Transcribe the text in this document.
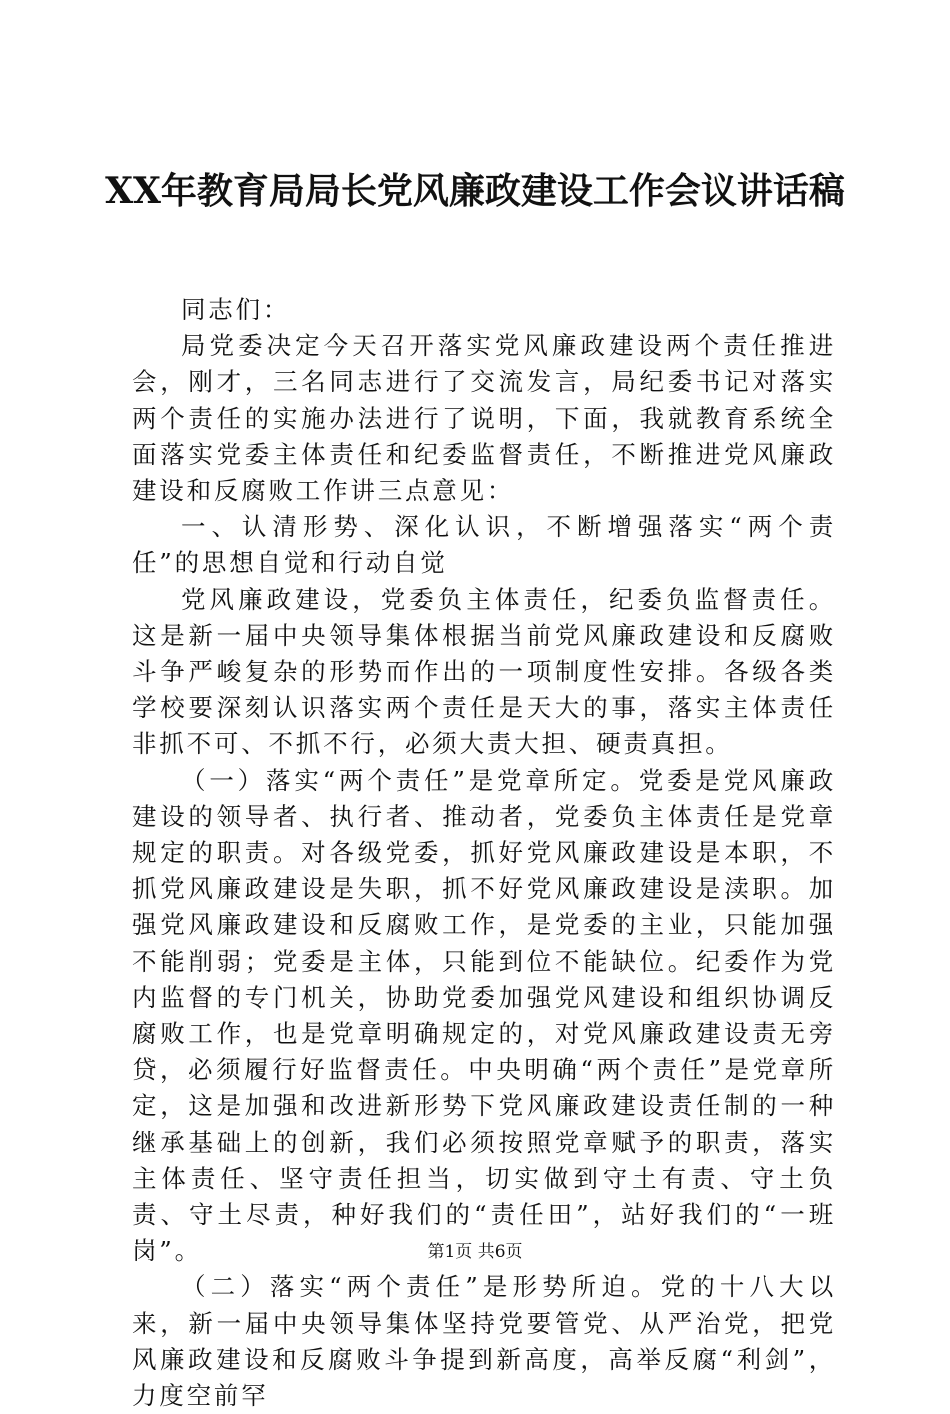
XX年教育局局长党风廉政建设工作会议讲话稿

同志们：

局党委决定今天召开落实党风廉政建设两个责任推进会，刚才，三名同志进行了交流发言，局纪委书记对落实两个责任的实施办法进行了说明，下面，我就教育系统全面落实党委主体责任和纪委监督责任，不断推进党风廉政建设和反腐败工作讲三点意见：

一、认清形势、深化认识，不断增强落实“两个责任”的思想自觉和行动自觉

党风廉政建设，党委负主体责任，纪委负监督责任。这是新一届中央领导集体根据当前党风廉政建设和反腐败斗争严峻复杂的形势而作出的一项制度性安排。各级各类学校要深刻认识落实两个责任是天大的事，落实主体责任非抓不可、不抓不行，必须大责大担、硬责真担。

（一）落实“两个责任”是党章所定。党委是党风廉政建设的领导者、执行者、推动者，党委负主体责任是党章规定的职责。对各级党委，抓好党风廉政建设是本职，不抓党风廉政建设是失职，抓不好党风廉政建设是渎职。加强党风廉政建设和反腐败工作，是党委的主业，只能加强不能削弱；党委是主体，只能到位不能缺位。纪委作为党内监督的专门机关，协助党委加强党风建设和组织协调反腐败工作，也是党章明确规定的，对党风廉政建设责无旁贷，必须履行好监督责任。中央明确“两个责任”是党章所定，这是加强和改进新形势下党风廉政建设责任制的一种继承基础上的创新，我们必须按照党章赋予的职责，落实主体责任、坚守责任担当，切实做到守土有责、守土负责、守土尽责，种好我们的“责任田”，站好我们的“一班岗”。

（二）落实“两个责任”是形势所迫。党的十八大以来，新一届中央领导集体坚持党要管党、从严治党，把党风廉政建设和反腐败斗争提到新高度，高举反腐“利剑”，力度空前罕

第1页 共6页
